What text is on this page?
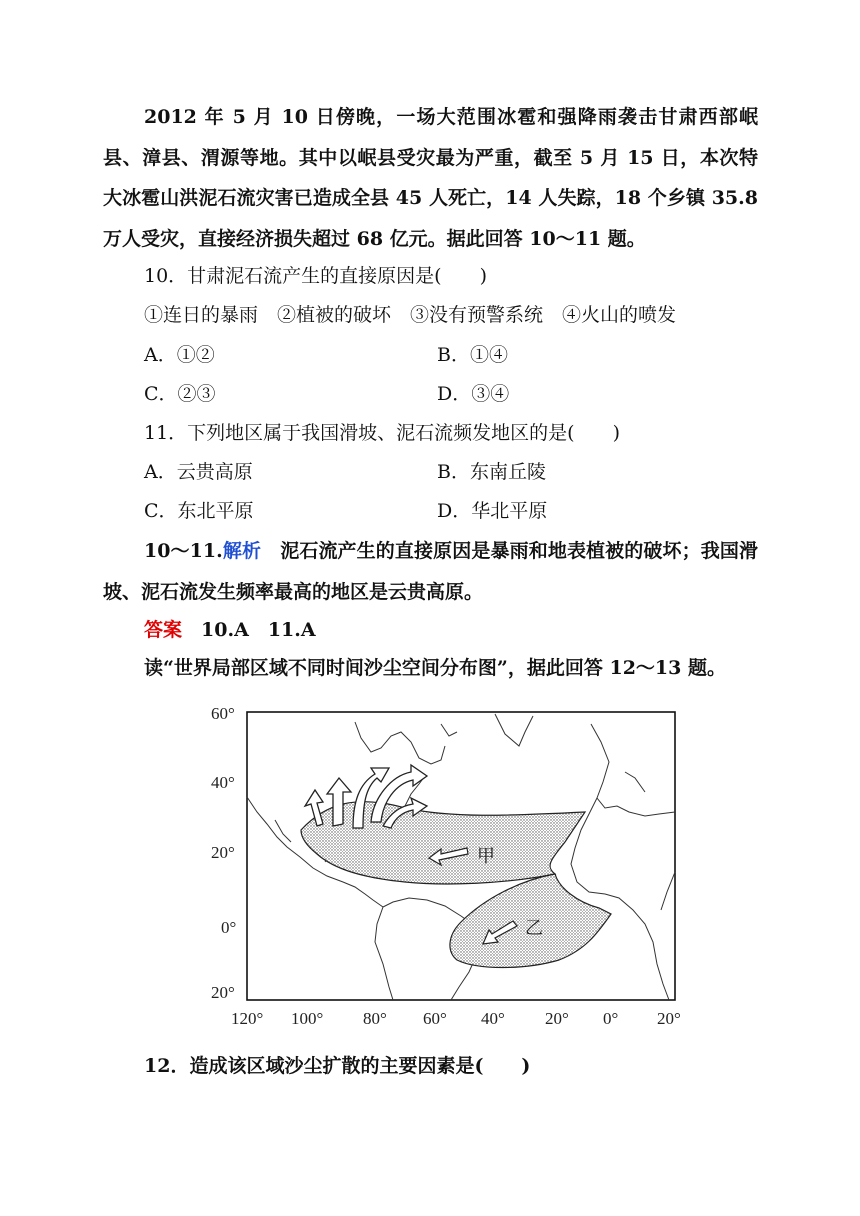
2012 年 5 月 10 日傍晚，一场大范围冰雹和强降雨袭击甘肃西部岷县、漳县、渭源等地。其中以岷县受灾最为严重，截至 5 月 15 日，本次特大冰雹山洪泥石流灾害已造成全县 45 人死亡，14 人失踪，18 个乡镇 35.8 万人受灾，直接经济损失超过 68 亿元。据此回答 10～11 题。
10．甘肃泥石流产生的直接原因是(　　)
①连日的暴雨　②植被的破坏　③没有预警系统　④火山的喷发
A．①②	B．①④
C．②③	D．③④
11．下列地区属于我国滑坡、泥石流频发地区的是(　　)
A．云贵高原	B．东南丘陵
C．东北平原	D．华北平原
10～11.解析　泥石流产生的直接原因是暴雨和地表植被的破坏；我国滑坡、泥石流发生频率最高的地区是云贵高原。
答案　10.A　11.A
读“世界局部区域不同时间沙尘空间分布图”，据此回答 12～13 题。
60°
40°
20°
0°
20°
甲
乙
120° 100° 80° 60° 40° 20° 0° 20°
12．造成该区域沙尘扩散的主要因素是(　　)
